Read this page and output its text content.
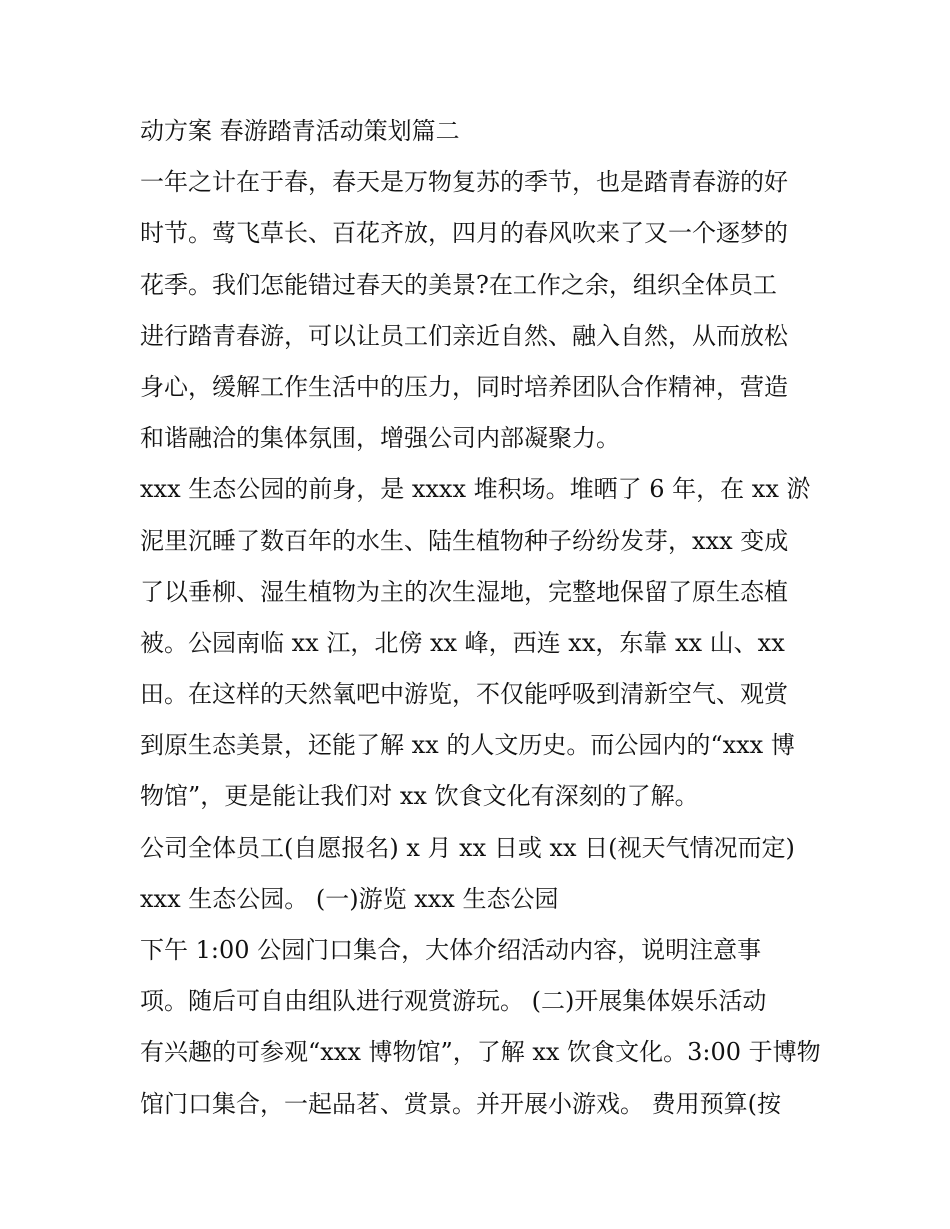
动方案 春游踏青活动策划篇二
一年之计在于春，春天是万物复苏的季节，也是踏青春游的好
时节。莺飞草长、百花齐放，四月的春风吹来了又一个逐梦的
花季。我们怎能错过春天的美景?在工作之余，组织全体员工
进行踏青春游，可以让员工们亲近自然、融入自然，从而放松
身心，缓解工作生活中的压力，同时培养团队合作精神，营造
和谐融洽的集体氛围，增强公司内部凝聚力。
xxx 生态公园的前身，是 xxxx 堆积场。堆晒了 6 年，在 xx 淤
泥里沉睡了数百年的水生、陆生植物种子纷纷发芽，xxx 变成
了以垂柳、湿生植物为主的次生湿地，完整地保留了原生态植
被。公园南临 xx 江，北傍 xx 峰，西连 xx，东靠 xx 山、xx
田。在这样的天然氧吧中游览，不仅能呼吸到清新空气、观赏
到原生态美景，还能了解 xx 的人文历史。而公园内的“xxx 博
物馆”，更是能让我们对 xx 饮食文化有深刻的了解。
公司全体员工(自愿报名) x 月 xx 日或 xx 日(视天气情况而定)
xxx 生态公园。 (一)游览 xxx 生态公园
下午 1:00 公园门口集合，大体介绍活动内容，说明注意事
项。随后可自由组队进行观赏游玩。 (二)开展集体娱乐活动
有兴趣的可参观“xxx 博物馆”，了解 xx 饮食文化。3:00 于博物
馆门口集合，一起品茗、赏景。并开展小游戏。 费用预算(按
